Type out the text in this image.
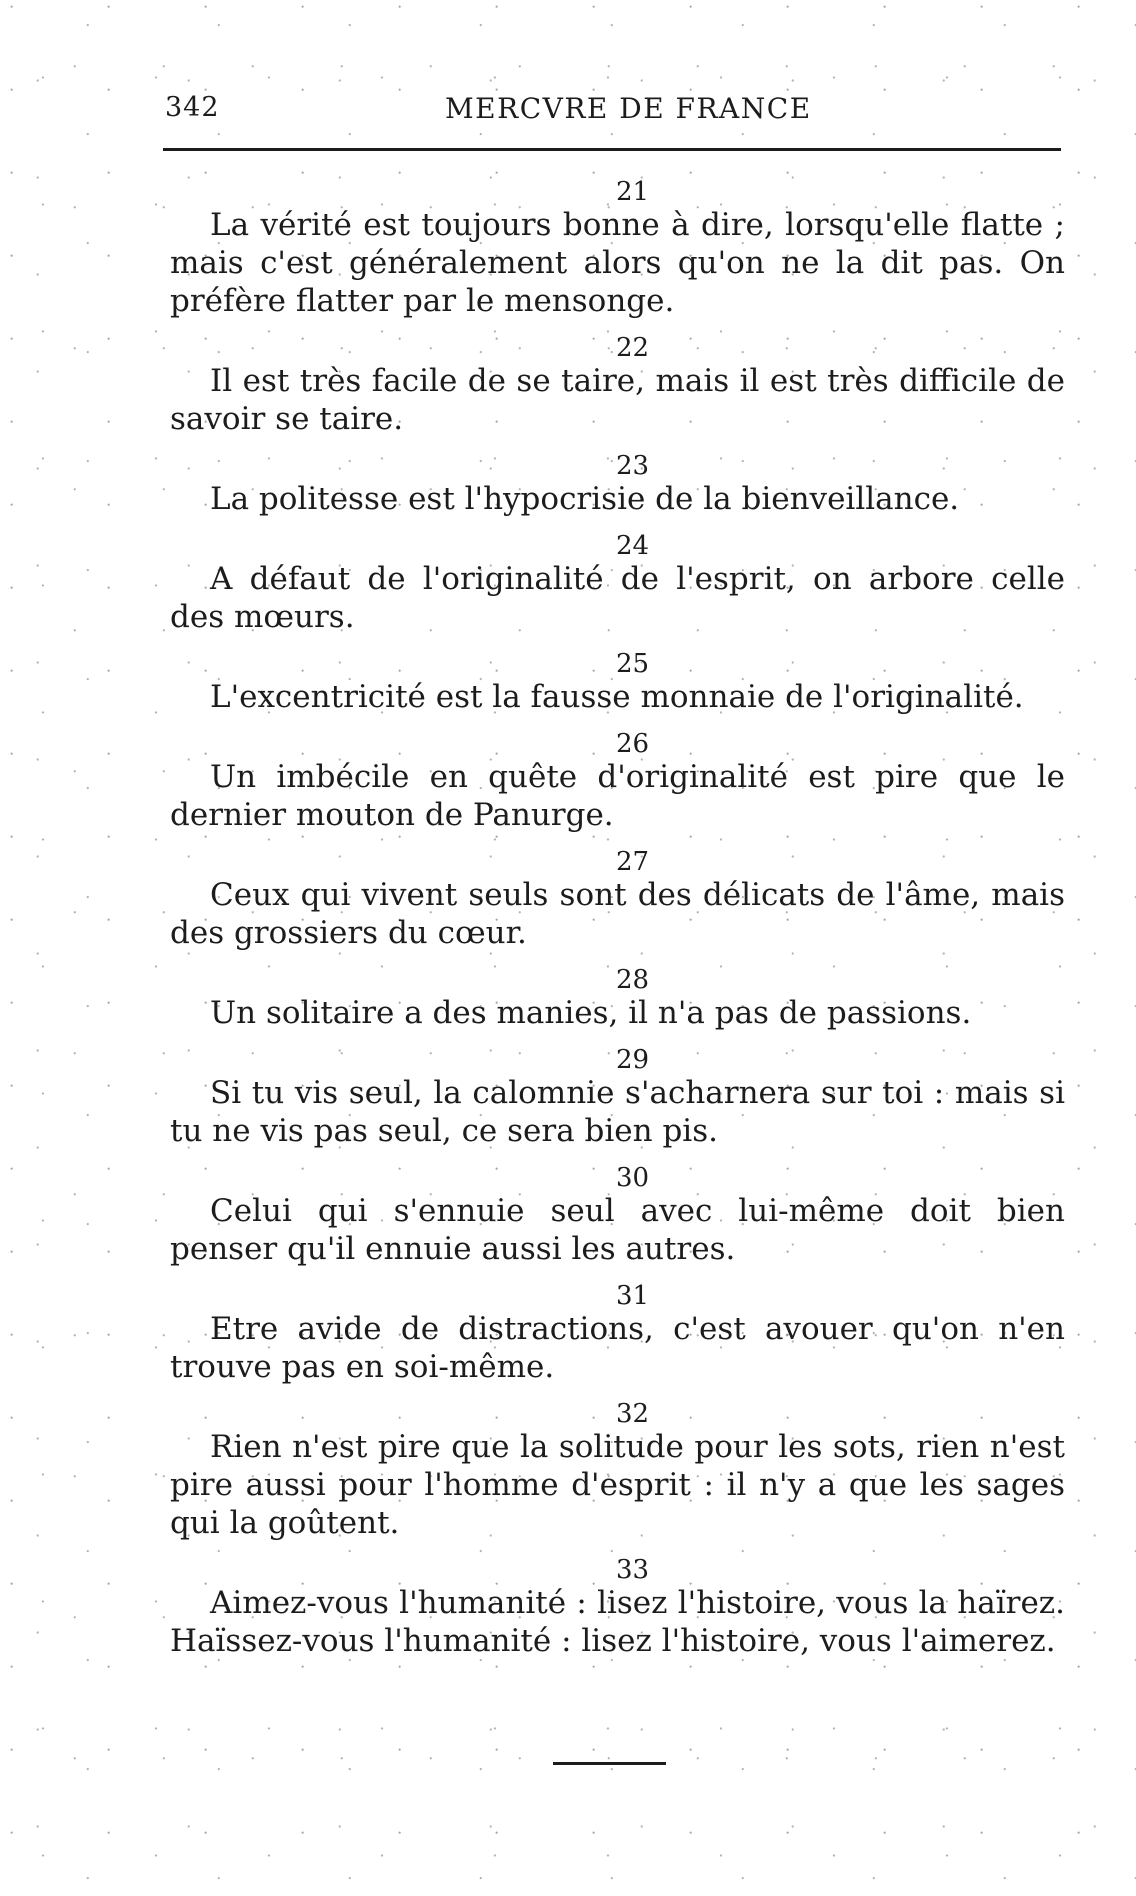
342	MERCVRE DE FRANCE
21

La vérité est toujours bonne à dire, lorsqu'elle flatte ; mais c'est généralement alors qu'on ne la dit pas. On préfère flatter par le mensonge.

22

Il est très facile de se taire, mais il est très difficile de savoir se taire.

23

La politesse est l'hypocrisie de la bienveillance.

24

A défaut de l'originalité de l'esprit, on arbore celle des mœurs.

25

L'excentricité est la fausse monnaie de l'originalité.

26

Un imbécile en quête d'originalité est pire que le dernier mouton de Panurge.

27

Ceux qui vivent seuls sont des délicats de l'âme, mais des grossiers du cœur.

28

Un solitaire a des manies, il n'a pas de passions.

29

Si tu vis seul, la calomnie s'acharnera sur toi : mais si tu ne vis pas seul, ce sera bien pis.

30

Celui qui s'ennuie seul avec lui-même doit bien penser qu'il ennuie aussi les autres.

31

Etre avide de distractions, c'est avouer qu'on n'en trouve pas en soi-même.

32

Rien n'est pire que la solitude pour les sots, rien n'est pire aussi pour l'homme d'esprit : il n'y a que les sages qui la goûtent.

33

Aimez-vous l'humanité : lisez l'histoire, vous la haïrez. Haïssez-vous l'humanité : lisez l'histoire, vous l'aimerez.
